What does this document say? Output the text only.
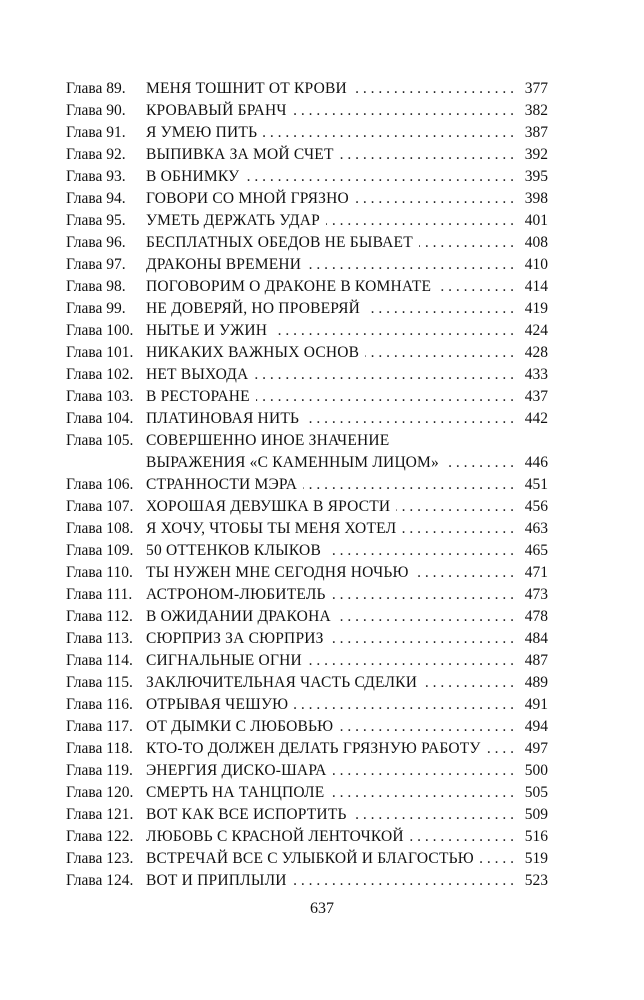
Глава 89.	МЕНЯ ТОШНИТ ОТ КРОВИ . . .	377
Глава 90.	КРОВАВЫЙ БРАНЧ . . .	382
Глава 91.	Я УМЕЮ ПИТЬ . . .	387
Глава 92.	ВЫПИВКА ЗА МОЙ СЧЕТ . . .	392
Глава 93.	В ОБНИМКУ . . .	395
Глава 94.	ГОВОРИ СО МНОЙ ГРЯЗНО . . .	398
Глава 95.	УМЕТЬ ДЕРЖАТЬ УДАР . . .	401
Глава 96.	БЕСПЛАТНЫХ ОБЕДОВ НЕ БЫВАЕТ . . .	408
Глава 97.	ДРАКОНЫ ВРЕМЕНИ . . .	410
Глава 98.	ПОГОВОРИМ О ДРАКОНЕ В КОМНАТЕ . . .	414
Глава 99.	НЕ ДОВЕРЯЙ, НО ПРОВЕРЯЙ . . .	419
Глава 100. НЫТЬЕ И УЖИН . . .	424
Глава 101. НИКАКИХ ВАЖНЫХ ОСНОВ . . .	428
Глава 102. НЕТ ВЫХОДА . . .	433
Глава 103. В РЕСТОРАНЕ . . .	437
Глава 104. ПЛАТИНОВАЯ НИТЬ . . .	442
Глава 105. СОВЕРШЕННО ИНОЕ ЗНАЧЕНИЕ
ВЫРАЖЕНИЯ «С КАМЕННЫМ ЛИЦОМ» . . .	446
Глава 106. СТРАННОСТИ МЭРА . . .	451
Глава 107. ХОРОШАЯ ДЕВУШКА В ЯРОСТИ . . .	456
Глава 108. Я ХОЧУ, ЧТОБЫ ТЫ МЕНЯ ХОТЕЛ . . .	463
Глава 109. 50 ОТТЕНКОВ КЛЫКОВ . . .	465
Глава 110. ТЫ НУЖЕН МНЕ СЕГОДНЯ НОЧЬЮ . . .	471
Глава 111. АСТРОНОМ-ЛЮБИТЕЛЬ . . .	473
Глава 112. В ОЖИДАНИИ ДРАКОНА . . .	478
Глава 113. СЮРПРИЗ ЗА СЮРПРИЗ . . .	484
Глава 114. СИГНАЛЬНЫЕ ОГНИ . . .	487
Глава 115. ЗАКЛЮЧИТЕЛЬНАЯ ЧАСТЬ СДЕЛКИ . . .	489
Глава 116. ОТРЫВАЯ ЧЕШУЮ . . .	491
Глава 117. ОТ ДЫМКИ С ЛЮБОВЬЮ . . .	494
Глава 118. КТО-ТО ДОЛЖЕН ДЕЛАТЬ ГРЯЗНУЮ РАБОТУ . . .	497
Глава 119. ЭНЕРГИЯ ДИСКО-ШАРА . . .	500
Глава 120. СМЕРТЬ НА ТАНЦПОЛЕ . . .	505
Глава 121. ВОТ КАК ВСЕ ИСПОРТИТЬ . . .	509
Глава 122. ЛЮБОВЬ С КРАСНОЙ ЛЕНТОЧКОЙ . . .	516
Глава 123. ВСТРЕЧАЙ ВСЕ С УЛЫБКОЙ И БЛАГОСТЬЮ . . .	519
Глава 124. ВОТ И ПРИПЛЫЛИ . . .	523
637
